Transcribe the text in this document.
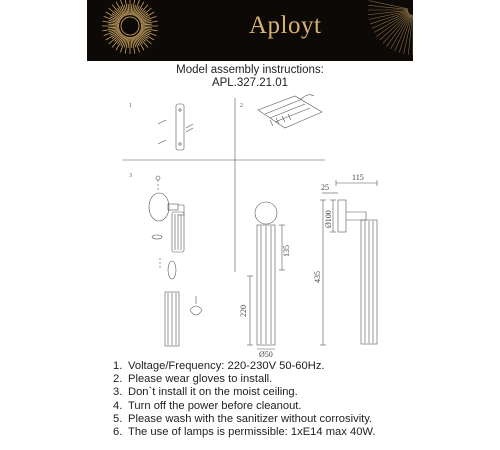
Aployt
Model assembly instructions:
APL.327.21.01
1	2
3
25
115
Ø100
135
435
220
Ø50
1. Voltage/Frequency: 220-230V 50-60Hz.
2. Please wear gloves to install.
3. Don`t install it on the moist ceiling.
4. Turn off the power before cleanout.
5. Please wash with the sanitizer without corrosivity.
6. The use of lamps is permissible: 1xE14 max 40W.
